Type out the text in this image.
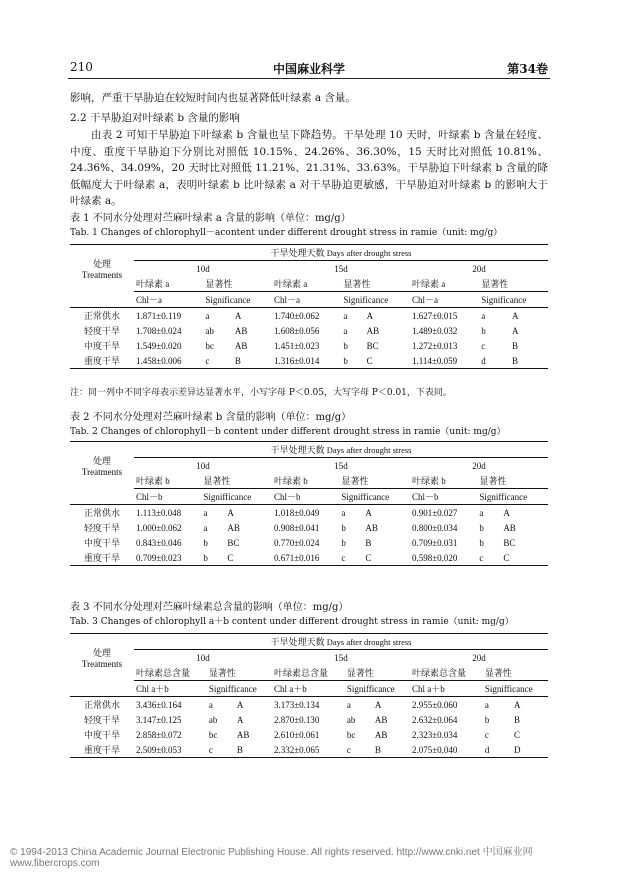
210	中国麻业科学	第34卷
影响，严重干旱胁迫在较短时间内也显著降低叶绿素 a 含量。
2.2 干旱胁迫对叶绿素 b 含量的影响
由表 2 可知干旱胁迫下叶绿素 b 含量也呈下降趋势。干旱处理 10 天时，叶绿素 b 含量在轻度、中度、重度干旱胁迫下分别比对照低 10.15%、24.26%、36.30%，15 天时比对照低 10.81%、24.36%、34.09%，20 天时比对照低 11.21%、21.31%、33.63%。干旱胁迫下叶绿素 b 含量的降低幅度大于叶绿素 a，表明叶绿素 b 比叶绿素 a 对干旱胁迫更敏感，干旱胁迫对叶绿素 b 的影响大于叶绿素 a。
表 1 不同水分处理对苎麻叶绿素 a 含量的影响（单位：mg/g）
Tab. 1 Changes of chlorophyll－acontent under different drought stress in ramie（unit: mg/g）
处理
Treatments	干旱处理天数 Days after drought stress								
	10d			15d			20d		
	叶绿素 a	显著性		叶绿素 a	显著性		叶绿素 a	显著性	
	Chl－a	Significance		Chl－a	Significance		Chl－a	Significance	
正常供水	1.871±0.119	a	A	1.740±0.062	a	A	1.627±0.015	a	A
轻度干旱	1.708±0.024	ab	AB	1.608±0.056	a	AB	1.489±0.032	b	A
中度干旱	1.549±0.020	bc	AB	1.451±0.023	b	BC	1.272±0.013	c	B
重度干旱	1.458±0.006	c	B	1.316±0.014	b	C	1.114±0.059	d	B
注：同一列中不同字母表示差异达显著水平，小写字母 P＜0.05，大写字母 P＜0.01，下表同。
表 2 不同水分处理对苎麻叶绿素 b 含量的影响（单位：mg/g）
Tab. 2 Changes of chlorophyll－b content under different drought stress in ramie（unit: mg/g）
处理
Treatments	干旱处理天数 Days after drought stress								
	10d			15d			20d		
	叶绿素 b	显著性		叶绿素 b	显著性		叶绿素 b	显著性	
	Chl－b	Signifficance		Chl－b	Signifficance		Chl－b	Signifficance	
正常供水	1.113±0.048	a	A	1.018±0.049	a	A	0.901±0.027	a	A
轻度干旱	1.000±0.062	a	AB	0.908±0.041	b	AB	0.800±0.034	b	AB
中度干旱	0.843±0.046	b	BC	0.770±0.024	b	B	0.709±0.031	b	BC
重度干旱	0.709±0.023	b	C	0.671±0.016	c	C	0.598±0.020	c	C
表 3 不同水分处理对苎麻叶绿素总含量的影响（单位：mg/g）
Tab. 3 Changes of chlorophyll a＋b content under different drought stress in ramie（unit: mg/g）
处理
Treatments	干旱处理天数 Days after drought stress								
	10d			15d			20d		
	叶绿素总含量	显著性		叶绿素总含量	显著性		叶绿素总含量	显著性	
	Chl a＋b	Signifficance		Chl a＋b	Signifficance		Chl a＋b	Signifficance	
正常供水	3.436±0.164	a	A	3.173±0.134	a	A	2.955±0.060	a	A
轻度干旱	3.147±0.125	ab	A	2.870±0.130	ab	AB	2.632±0.064	b	B
中度干旱	2.858±0.072	bc	AB	2.610±0.061	bc	AB	2.323±0.034	c	C
重度干旱	2.509±0.053	c	B	2.332±0.065	c	B	2.075±0.040	d	D
© 1994-2013 China Academic Journal Electronic Publishing House. All rights reserved. http://www.cnki.net 中国麻业网 www.fibercrops.com
